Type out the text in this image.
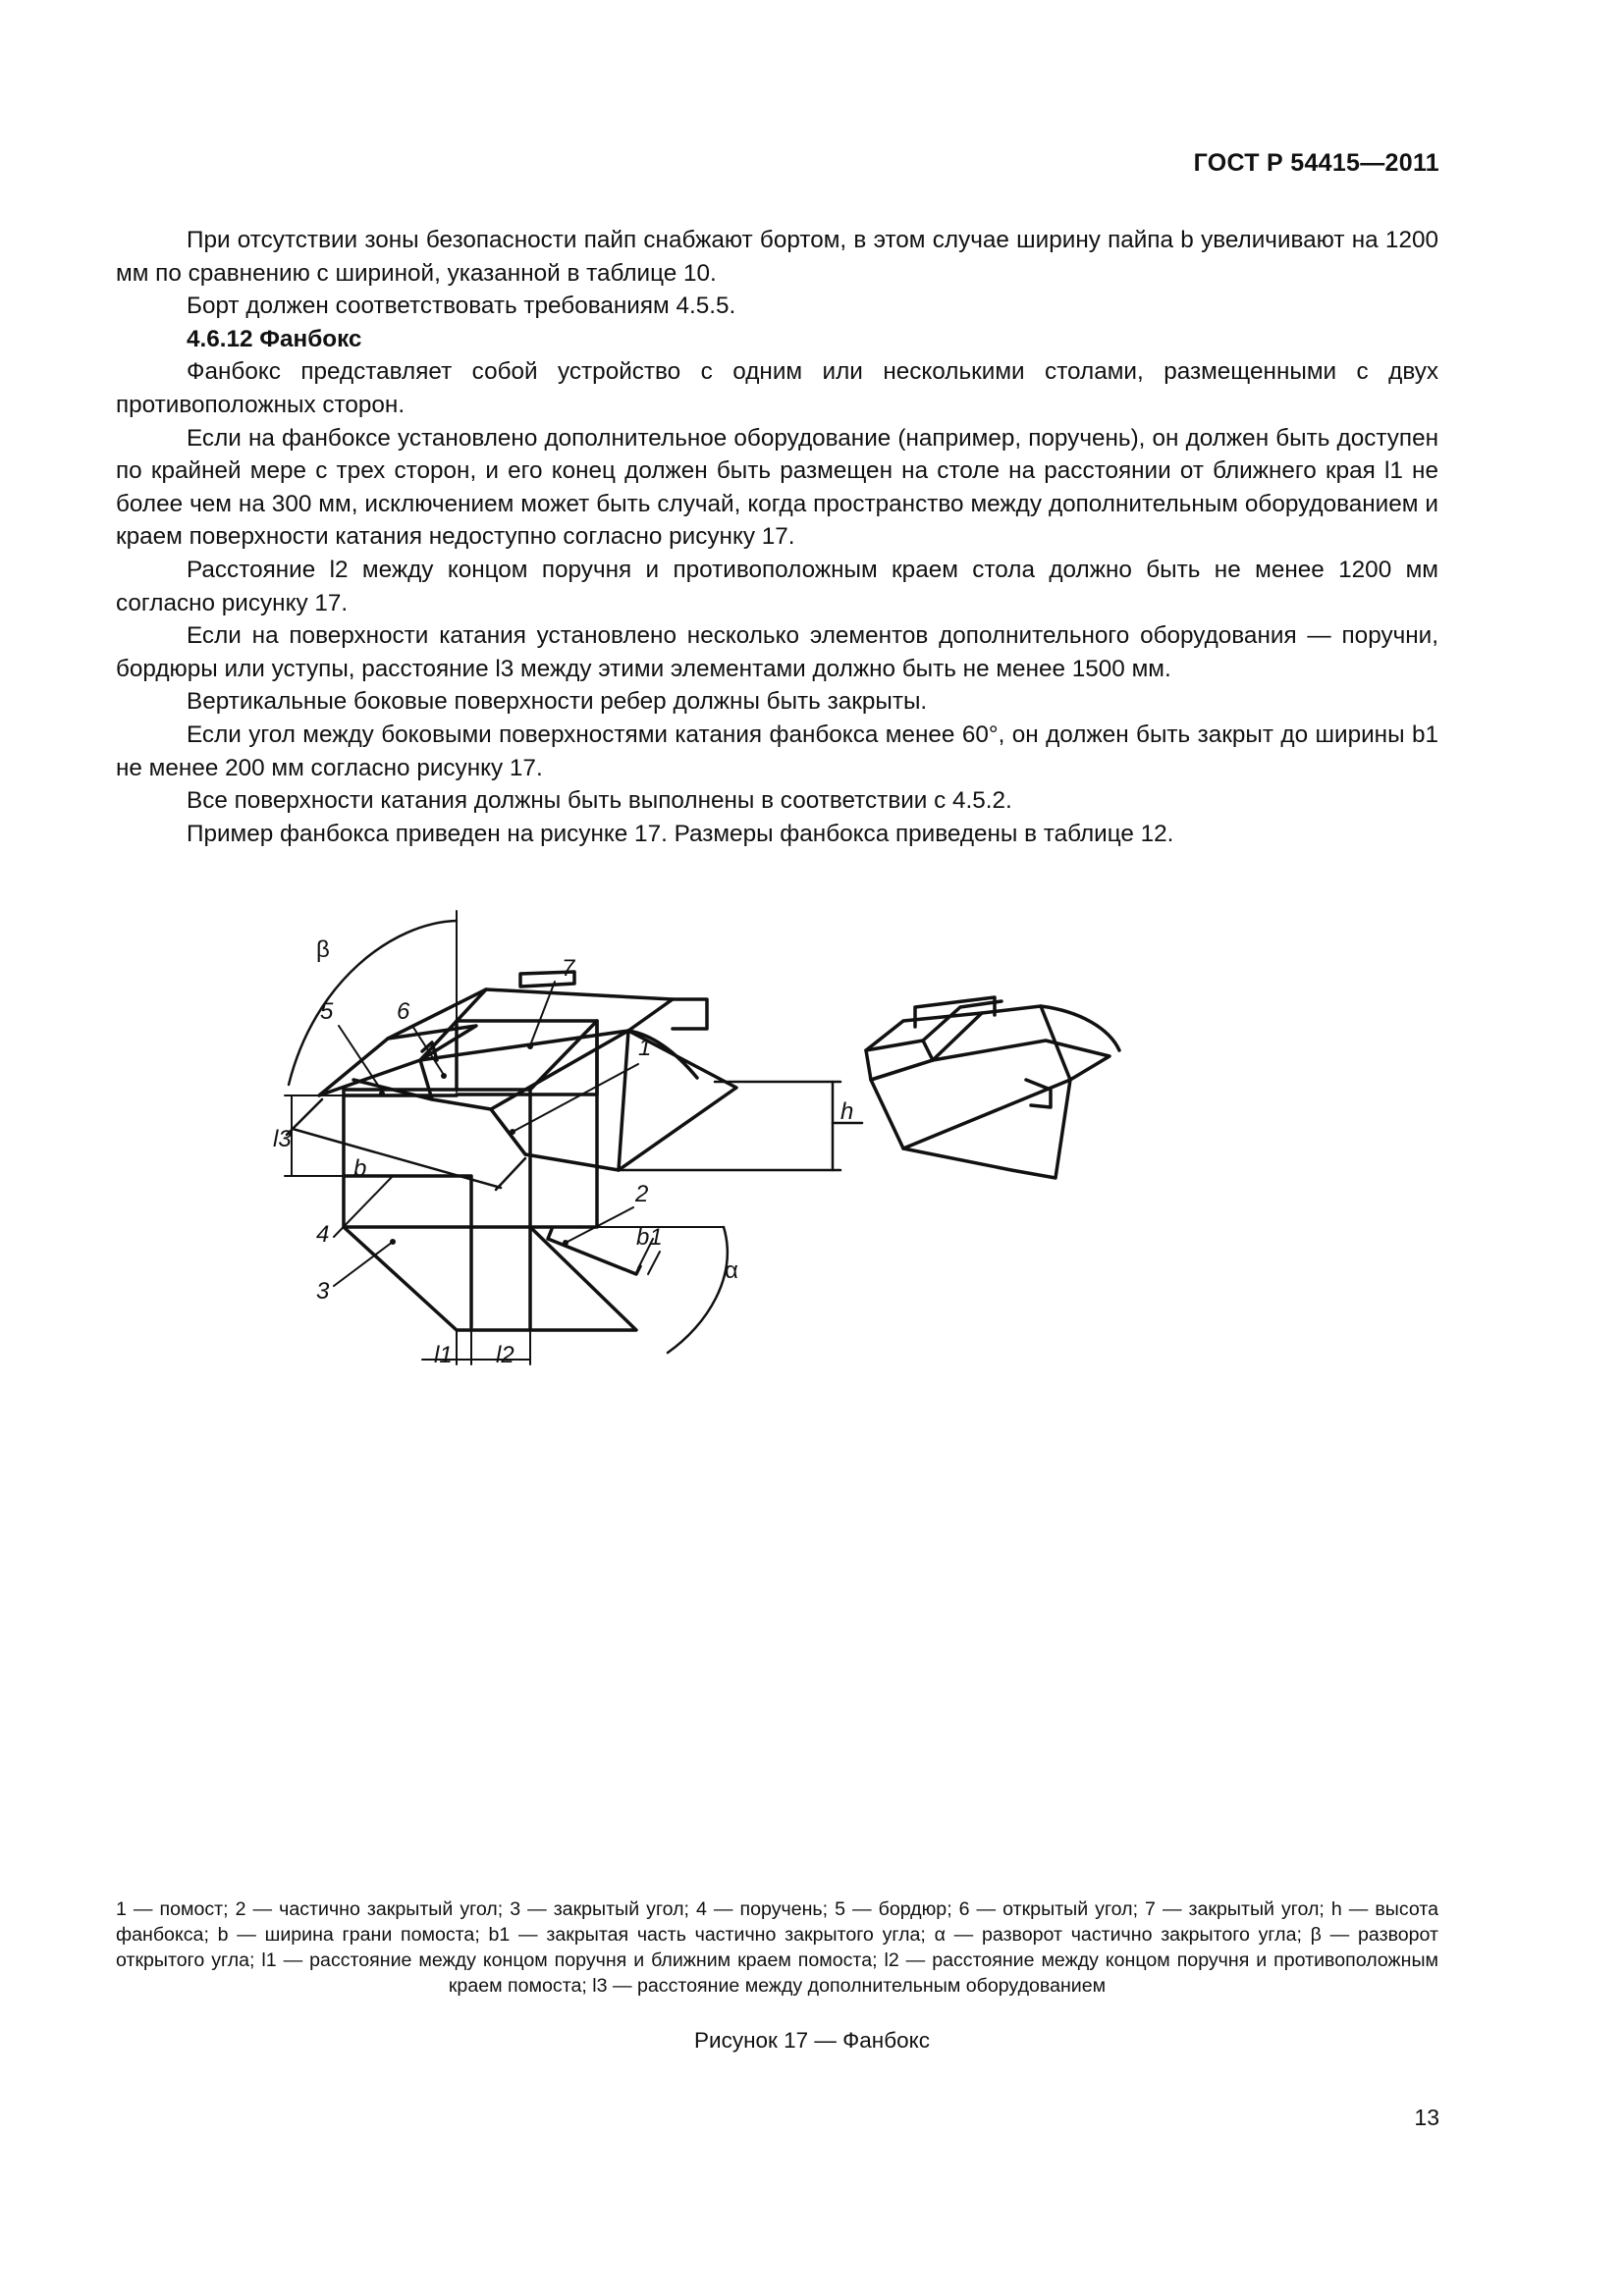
ГОСТ Р 54415—2011

При отсутствии зоны безопасности пайп снабжают бортом, в этом случае ширину пайпа b увеличивают на 1200 мм по сравнению с шириной, указанной в таблице 10.

Борт должен соответствовать требованиям 4.5.5.

4.6.12 Фанбокс

Фанбокс представляет собой устройство с одним или несколькими столами, размещенными с двух противоположных сторон.

Если на фанбоксе установлено дополнительное оборудование (например, поручень), он должен быть доступен по крайней мере с трех сторон, и его конец должен быть размещен на столе на расстоянии от ближнего края l1 не более чем на 300 мм, исключением может быть случай, когда пространство между дополнительным оборудованием и краем поверхности катания недоступно согласно рисунку 17.

Расстояние l2 между концом поручня и противоположным краем стола должно быть не менее 1200 мм согласно рисунку 17.

Если на поверхности катания установлено несколько элементов дополнительного оборудования — поручни, бордюры или уступы, расстояние l3 между этими элементами должно быть не менее 1500 мм.

Вертикальные боковые поверхности ребер должны быть закрыты.

Если угол между боковыми поверхностями катания фанбокса менее 60°, он должен быть закрыт до ширины b1 не менее 200 мм согласно рисунку 17.

Все поверхности катания должны быть выполнены в соответствии с 4.5.2.

Пример фанбокса приведен на рисунке 17. Размеры фанбокса приведены в таблице 12.

h
b
β
α
b1
l1 l2
l3
1
2
3
4
5	6
7
1 — помост; 2 — частично закрытый угол; 3 — закрытый угол; 4 — поручень; 5 — бордюр; 6 — открытый угол; 7 — закрытый угол; h — высота фанбокса; b — ширина грани помоста; b1 — закрытая часть частично закрытого угла; α — разворот частично закрытого угла; β — разворот открытого угла; l1 — расстояние между концом поручня и ближним краем помоста; l2 — расстояние между концом поручня и противоположным краем помоста; l3 — расстояние между дополнительным оборудованием
Рисунок 17 — Фанбокс
13
